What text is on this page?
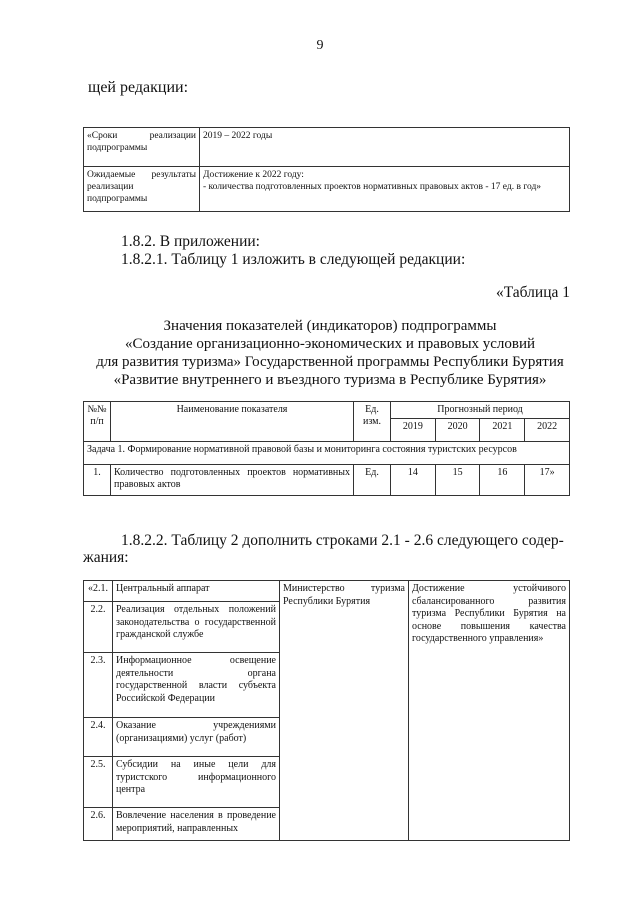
9
щей редакции:
«Сроки реализации подпрограммы	2019 – 2022 годы
Ожидаемые результаты реализации подпрограммы	Достижение к 2022 году:
- количества подготовленных проектов нормативных правовых актов - 17 ед. в год»
1.8.2. В приложении:
1.8.2.1. Таблицу 1 изложить в следующей редакции:
«Таблица 1
Значения показателей (индикаторов) подпрограммы
«Создание организационно-экономических и правовых условий
для развития туризма» Государственной программы Республики Бурятия
«Развитие внутреннего и въездного туризма в Республике Бурятия»
№№ п/п	Наименование показателя	Ед. изм.	Прогнозный период			
			2019	2020	2021	2022
Задача 1. Формирование нормативной правовой базы и мониторинга состояния туристских ресурсов						
1.	Количество подготовленных проектов нормативных правовых актов	Ед.	14	15	16	17»
1.8.2.2. Таблицу 2 дополнить строками 2.1 - 2.6 следующего содер-
жания:
«2.1.	Центральный аппарат	Министерство туризма Республики Бурятия	Достижение устойчивого сбалансированного развития туризма Республики Бурятия на основе повышения качества государственного управления»
2.2.	Реализация отдельных положений законодательства о государственной гражданской службе		
2.3.	Информационное освещение деятельности органа государственной власти субъекта Российской Федерации		
2.4.	Оказание учреждениями (организациями) услуг (работ)		
2.5.	Субсидии на иные цели для туристского информационного центра		
2.6.	Вовлечение населения в проведение мероприятий, направленных		
